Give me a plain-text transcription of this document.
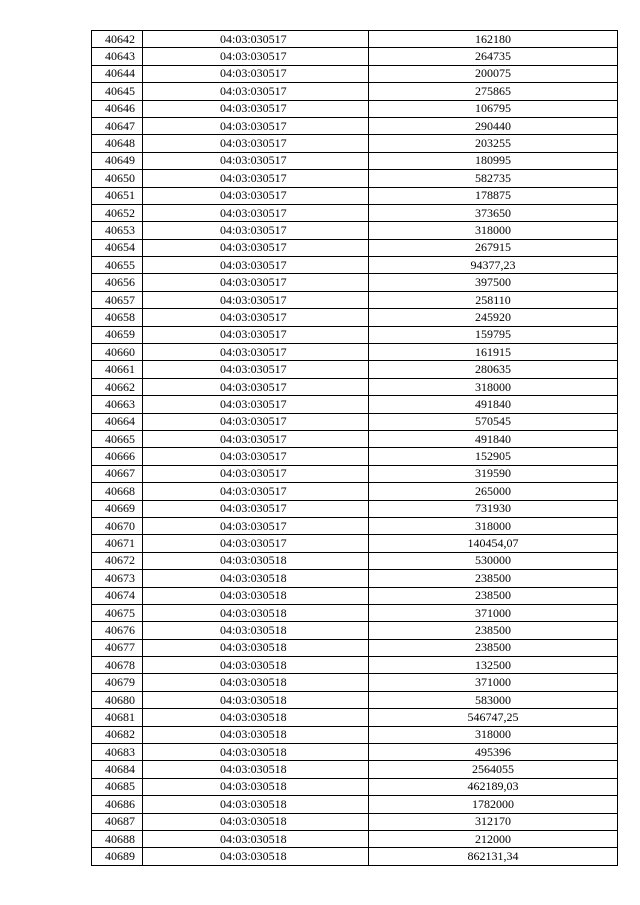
40642	04:03:030517	162180
40643	04:03:030517	264735
40644	04:03:030517	200075
40645	04:03:030517	275865
40646	04:03:030517	106795
40647	04:03:030517	290440
40648	04:03:030517	203255
40649	04:03:030517	180995
40650	04:03:030517	582735
40651	04:03:030517	178875
40652	04:03:030517	373650
40653	04:03:030517	318000
40654	04:03:030517	267915
40655	04:03:030517	94377,23
40656	04:03:030517	397500
40657	04:03:030517	258110
40658	04:03:030517	245920
40659	04:03:030517	159795
40660	04:03:030517	161915
40661	04:03:030517	280635
40662	04:03:030517	318000
40663	04:03:030517	491840
40664	04:03:030517	570545
40665	04:03:030517	491840
40666	04:03:030517	152905
40667	04:03:030517	319590
40668	04:03:030517	265000
40669	04:03:030517	731930
40670	04:03:030517	318000
40671	04:03:030517	140454,07
40672	04:03:030518	530000
40673	04:03:030518	238500
40674	04:03:030518	238500
40675	04:03:030518	371000
40676	04:03:030518	238500
40677	04:03:030518	238500
40678	04:03:030518	132500
40679	04:03:030518	371000
40680	04:03:030518	583000
40681	04:03:030518	546747,25
40682	04:03:030518	318000
40683	04:03:030518	495396
40684	04:03:030518	2564055
40685	04:03:030518	462189,03
40686	04:03:030518	1782000
40687	04:03:030518	312170
40688	04:03:030518	212000
40689	04:03:030518	862131,34
